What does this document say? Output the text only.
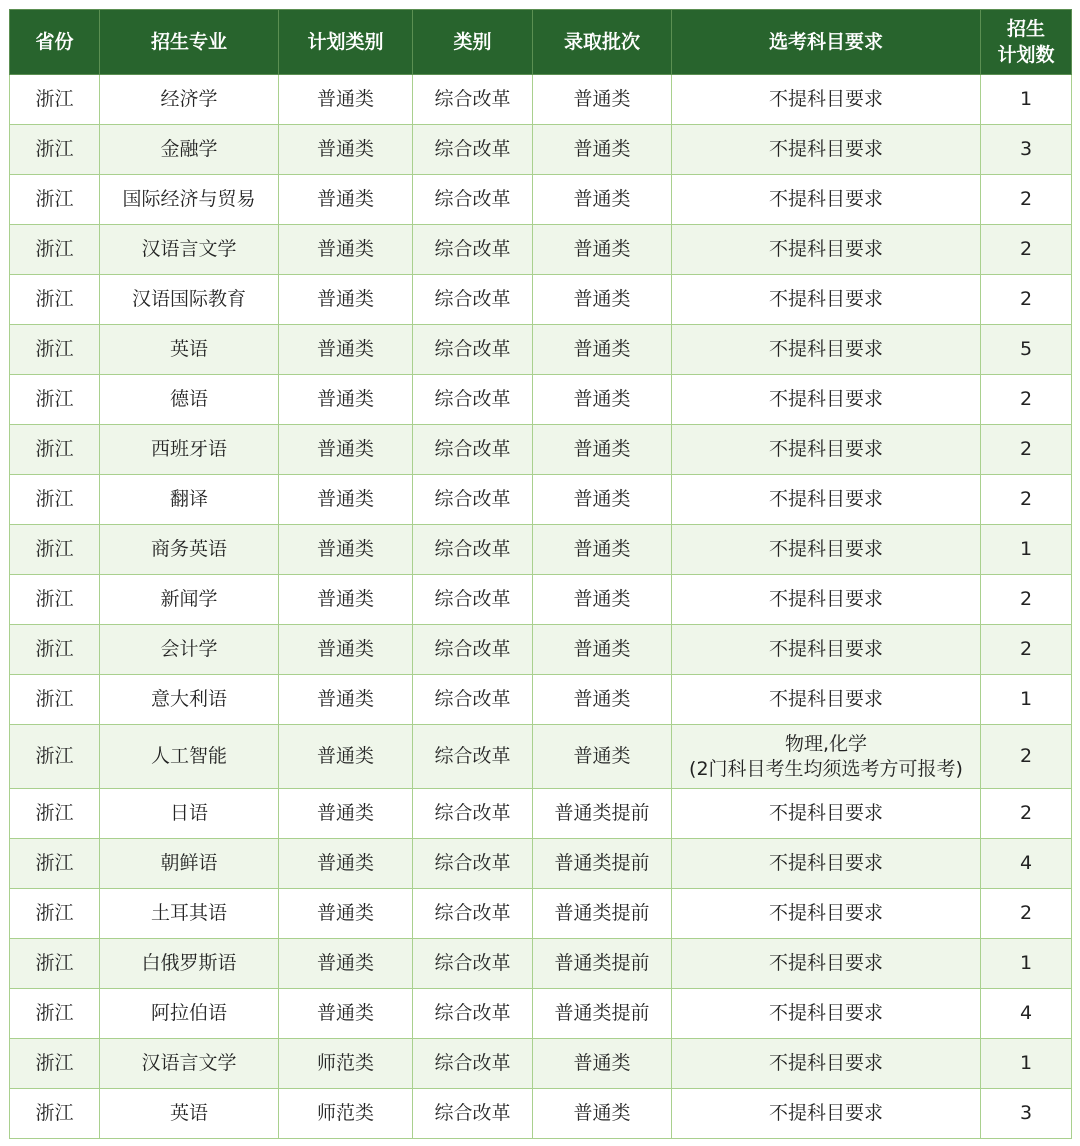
省份	招生专业	计划类别	类别	录取批次	选考科目要求	招生
计划数

浙江	经济学	普通类	综合改革	普通类	不提科目要求	1
浙江	金融学	普通类	综合改革	普通类	不提科目要求	3
浙江	国际经济与贸易	普通类	综合改革	普通类	不提科目要求	2
浙江	汉语言文学	普通类	综合改革	普通类	不提科目要求	2
浙江	汉语国际教育	普通类	综合改革	普通类	不提科目要求	2
浙江	英语	普通类	综合改革	普通类	不提科目要求	5
浙江	德语	普通类	综合改革	普通类	不提科目要求	2
浙江	西班牙语	普通类	综合改革	普通类	不提科目要求	2
浙江	翻译	普通类	综合改革	普通类	不提科目要求	2
浙江	商务英语	普通类	综合改革	普通类	不提科目要求	1
浙江	新闻学	普通类	综合改革	普通类	不提科目要求	2
浙江	会计学	普通类	综合改革	普通类	不提科目要求	2
浙江	意大利语	普通类	综合改革	普通类	不提科目要求	1
浙江	人工智能	普通类	综合改革	普通类	物理,化学
(2门科目考生均须选考方可报考)	2
浙江	日语	普通类	综合改革	普通类提前	不提科目要求	2
浙江	朝鲜语	普通类	综合改革	普通类提前	不提科目要求	4
浙江	土耳其语	普通类	综合改革	普通类提前	不提科目要求	2
浙江	白俄罗斯语	普通类	综合改革	普通类提前	不提科目要求	1
浙江	阿拉伯语	普通类	综合改革	普通类提前	不提科目要求	4
浙江	汉语言文学	师范类	综合改革	普通类	不提科目要求	1
浙江	英语	师范类	综合改革	普通类	不提科目要求	3
